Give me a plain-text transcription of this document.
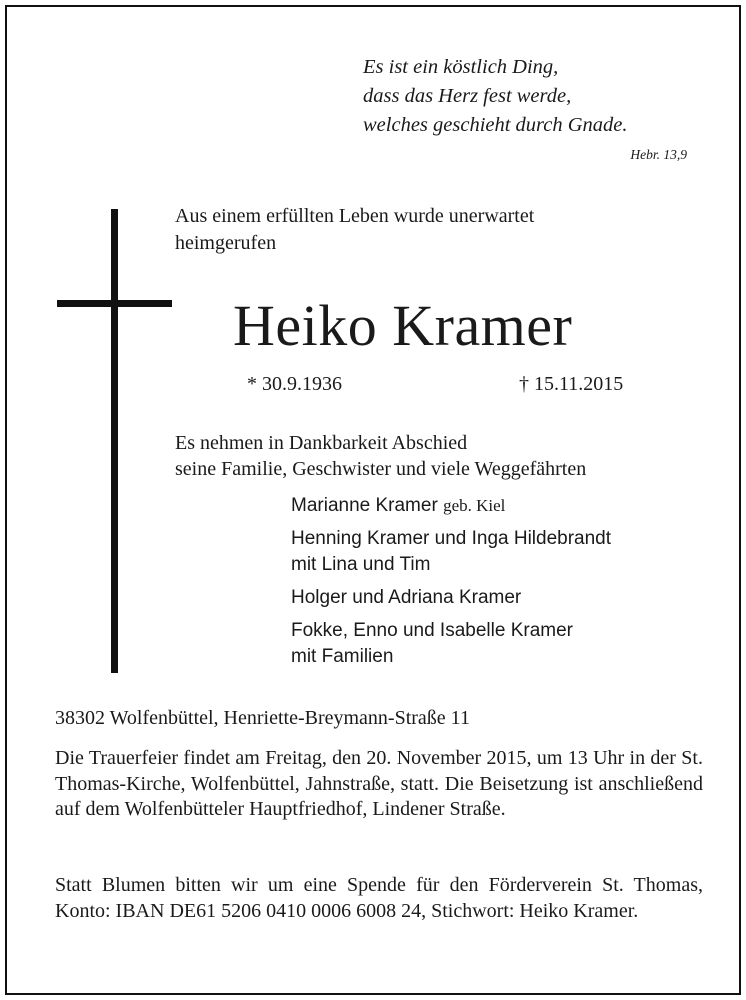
Es ist ein köstlich Ding,
dass das Herz fest werde,
welches geschieht durch Gnade.
Hebr. 13,9
Aus einem erfüllten Leben wurde unerwartet
heimgerufen
Heiko Kramer
* 30.9.1936	† 15.11.2015
Es nehmen in Dankbarkeit Abschied
seine Familie, Geschwister und viele Weggefährten
Marianne Kramer geb. Kiel
Henning Kramer und Inga Hildebrandt
mit Lina und Tim
Holger und Adriana Kramer
Fokke, Enno und Isabelle Kramer
mit Familien
38302 Wolfenbüttel, Henriette-Breymann-Straße 11
Die Trauerfeier findet am Freitag, den 20. November 2015, um 13 Uhr in der St. Thomas-Kirche, Wolfenbüttel, Jahnstraße, statt. Die Beisetzung ist anschließend auf dem Wolfenbütteler Hauptfriedhof, Lindener Straße.
Statt Blumen bitten wir um eine Spende für den Förderverein St. Thomas, Konto: IBAN DE61 5206 0410 0006 6008 24, Stichwort: Heiko Kramer.
